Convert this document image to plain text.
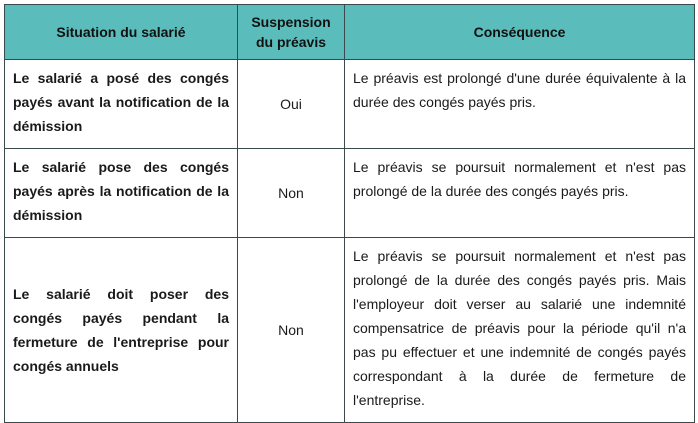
Situation du salarié	Suspension du préavis	Conséquence
Le salarié a posé des congés payés avant la notification de la démission	Oui	Le préavis est prolongé d'une durée équivalente à la durée des congés payés pris.
Le salarié pose des congés payés après la notification de la démission	Non	Le préavis se poursuit normalement et n'est pas prolongé de la durée des congés payés pris.
Le salarié doit poser des congés payés pendant la fermeture de l'entreprise pour congés annuels	Non	Le préavis se poursuit normalement et n'est pas prolongé de la durée des congés payés pris. Mais l'employeur doit verser au salarié une indemnité compensatrice de préavis pour la période qu'il n'a pas pu effectuer et une indemnité de congés payés correspondant à la durée de fermeture de l'entreprise.
